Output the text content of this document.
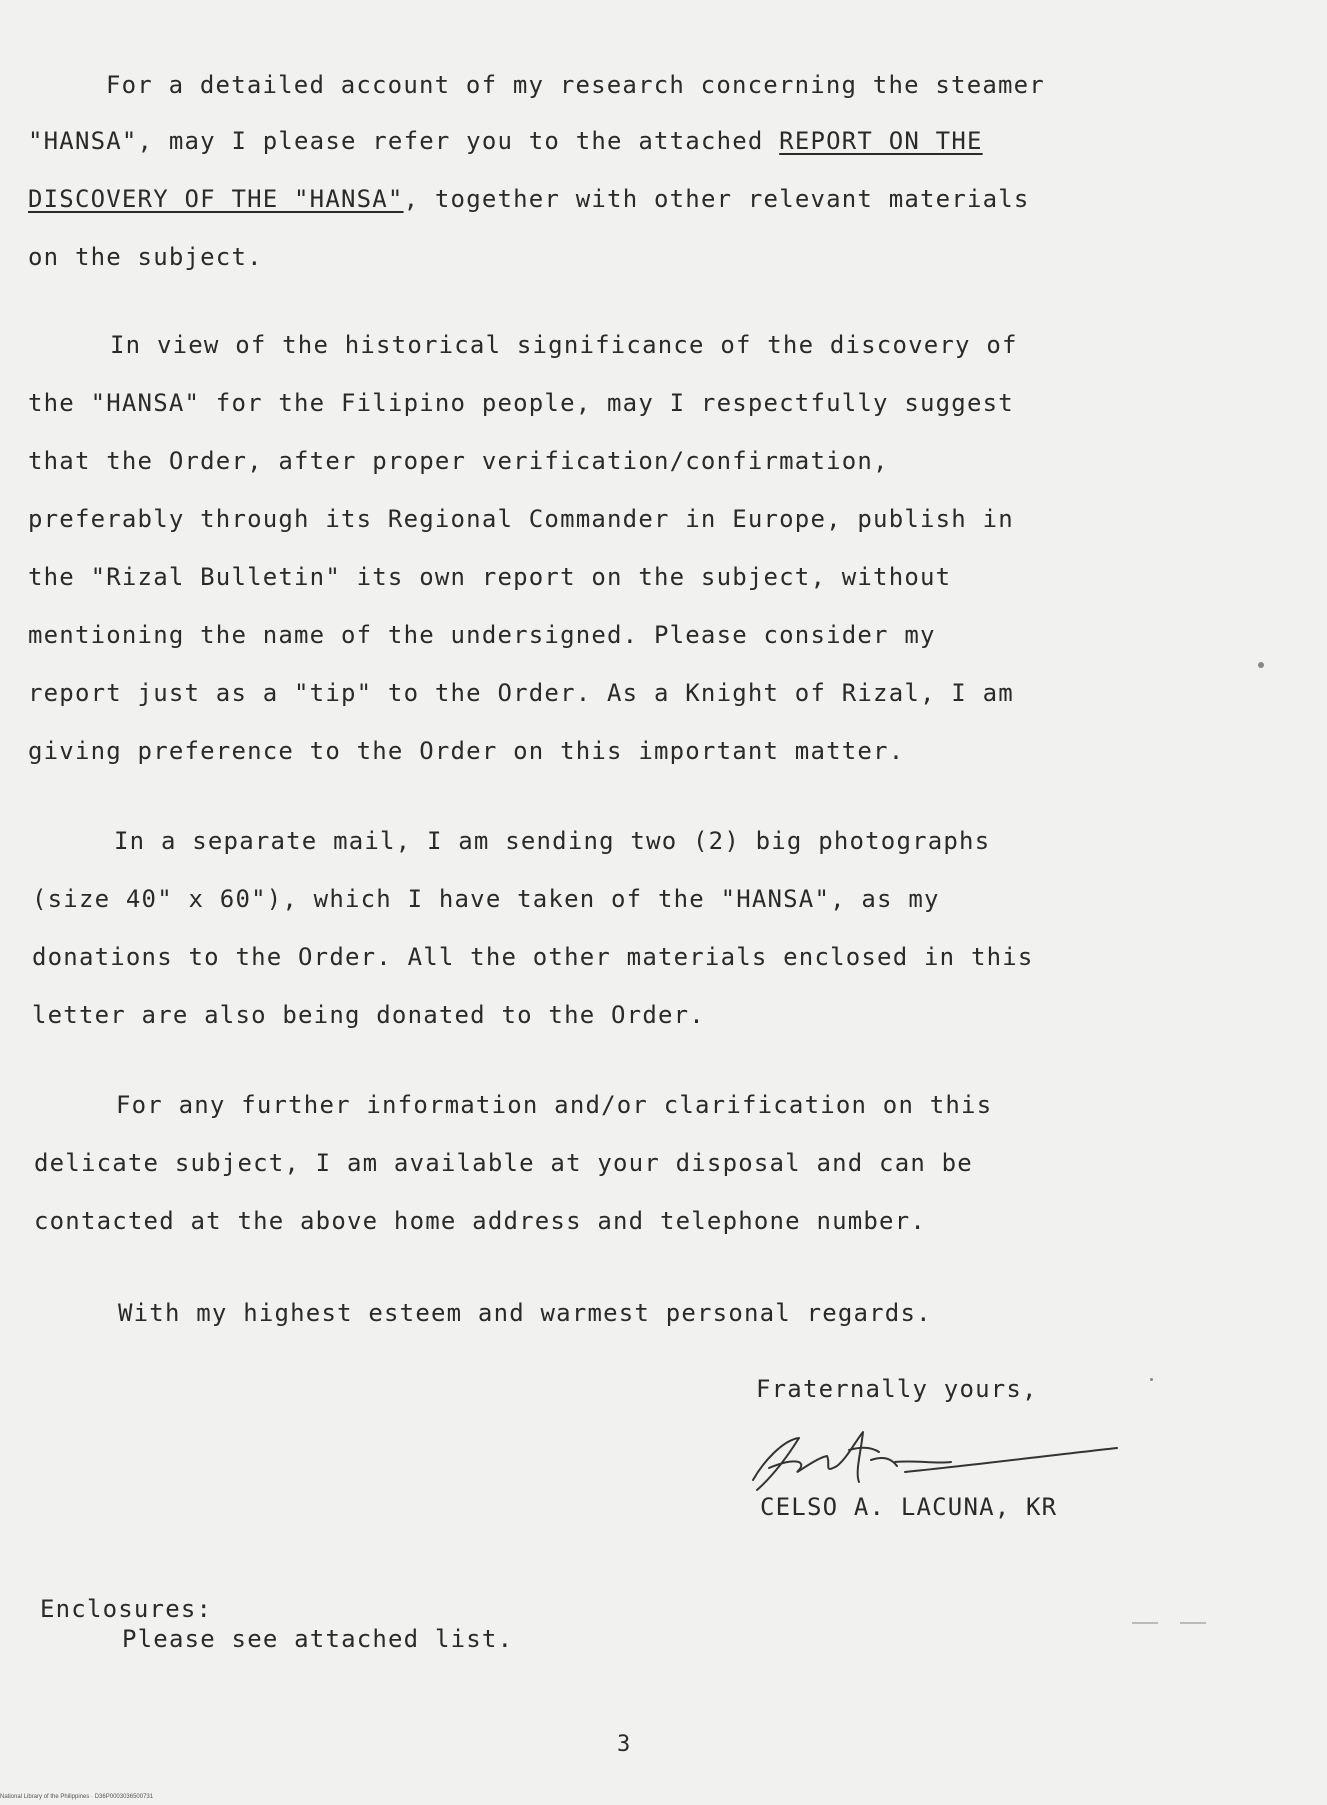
For a detailed account of my research concerning the steamer
"HANSA", may I please refer you to the attached REPORT ON THE
DISCOVERY OF THE "HANSA", together with other relevant materials
on the subject.
In view of the historical significance of the discovery of
the "HANSA" for the Filipino people, may I respectfully suggest
that the Order, after proper verification/confirmation,
preferably through its Regional Commander in Europe, publish in
the "Rizal Bulletin" its own report on the subject, without
mentioning the name of the undersigned. Please consider my
report just as a "tip" to the Order. As a Knight of Rizal, I am
giving preference to the Order on this important matter.
In a separate mail, I am sending two (2) big photographs
(size 40" x 60"), which I have taken of the "HANSA", as my
donations to the Order. All the other materials enclosed in this
letter are also being donated to the Order.
For any further information and/or clarification on this
delicate subject, I am available at your disposal and can be
contacted at the above home address and telephone number.
With my highest esteem and warmest personal regards.
Fraternally yours,
CELSO A. LACUNA, KR
Enclosures:
Please see attached list.
3
National Library of the Philippines · D36P0003036500731
